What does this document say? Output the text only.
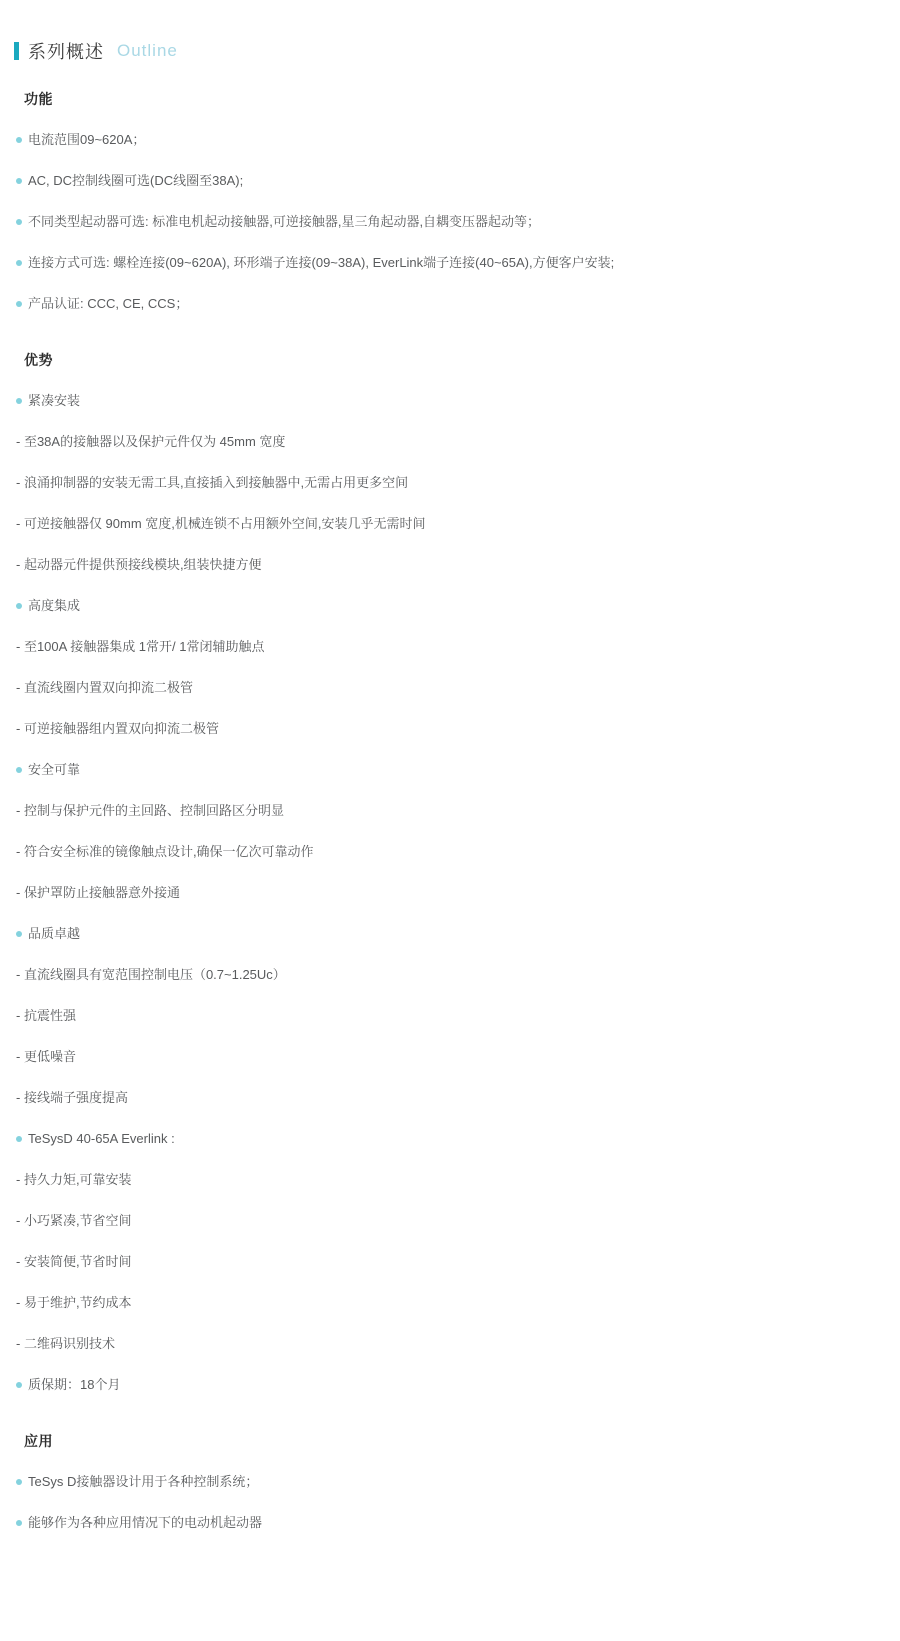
系列概述 Outline
功能
电流范围09~620A；
AC, DC控制线圈可选(DC线圈至38A);
不同类型起动器可选: 标准电机起动接触器,可逆接触器,星三角起动器,自耦变压器起动等；
连接方式可选: 螺栓连接(09~620A), 环形端子连接(09~38A), EverLink端子连接(40~65A),方便客户安装;
产品认证: CCC, CE, CCS；
优势
紧凑安装
- 至38A的接触器以及保护元件仅为 45mm 宽度
- 浪涌抑制器的安装无需工具,直接插入到接触器中,无需占用更多空间
- 可逆接触器仅 90mm 宽度,机械连锁不占用额外空间,安装几乎无需时间
- 起动器元件提供预接线模块,组装快捷方便
高度集成
- 至100A 接触器集成 1常开/ 1常闭辅助触点
- 直流线圈内置双向抑流二极管
- 可逆接触器组内置双向抑流二极管
安全可靠
- 控制与保护元件的主回路、控制回路区分明显
- 符合安全标准的镜像触点设计,确保一亿次可靠动作
- 保护罩防止接触器意外接通
品质卓越
- 直流线圈具有宽范围控制电压（0.7~1.25Uc）
- 抗震性强
- 更低噪音
- 接线端子强度提高
TeSysD 40-65A Everlink :
- 持久力矩,可靠安装
- 小巧紧凑,节省空间
- 安装简便,节省时间
- 易于维护,节约成本
- 二维码识别技术
质保期：18个月
应用
TeSys D接触器设计用于各种控制系统；
能够作为各种应用情况下的电动机起动器
